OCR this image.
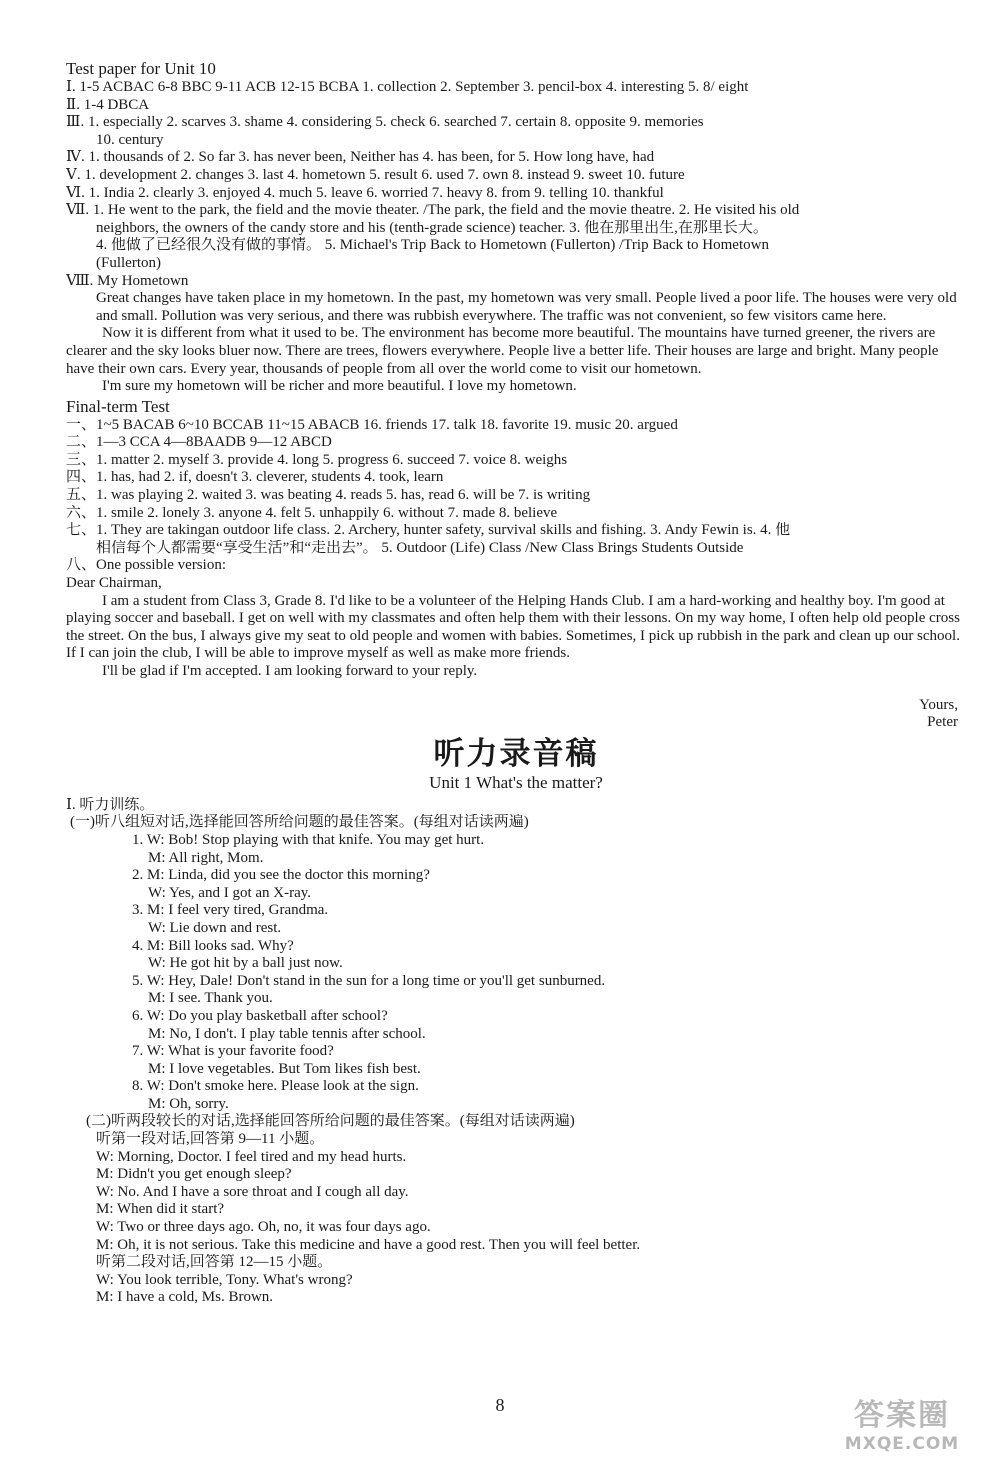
Test paper for Unit 10
Ⅰ. 1-5 ACBAC 6-8 BBC 9-11 ACB 12-15 BCBA 1. collection 2. September 3. pencil-box 4. interesting 5. 8/ eight
Ⅱ. 1-4 DBCA
Ⅲ. 1. especially 2. scarves 3. shame 4. considering 5. check 6. searched 7. certain 8. opposite 9. memories
10. century
Ⅳ. 1. thousands of 2. So far 3. has never been, Neither has 4. has been, for 5. How long have, had
Ⅴ. 1. development 2. changes 3. last 4. hometown 5. result 6. used 7. own 8. instead 9. sweet 10. future
Ⅵ. 1. India 2. clearly 3. enjoyed 4. much 5. leave 6. worried 7. heavy 8. from 9. telling 10. thankful
Ⅶ. 1. He went to the park, the field and the movie theater. /The park, the field and the movie theatre. 2. He visited his old
neighbors, the owners of the candy store and his (tenth-grade science) teacher. 3. 他在那里出生,在那里长大。
4. 他做了已经很久没有做的事情。 5. Michael's Trip Back to Hometown (Fullerton) /Trip Back to Hometown
(Fullerton)
Ⅷ. My Hometown
Great changes have taken place in my hometown. In the past, my hometown was very small. People lived a poor life. The houses were very old and small. Pollution was very serious, and there was rubbish everywhere. The traffic was not convenient, so few visitors came here.
Now it is different from what it used to be. The environment has become more beautiful. The mountains have turned greener, the rivers are clearer and the sky looks bluer now. There are trees, flowers everywhere. People live a better life. Their houses are large and bright. Many people have their own cars. Every year, thousands of people from all over the world come to visit our hometown.
I'm sure my hometown will be richer and more beautiful. I love my hometown.
Final-term Test
一、1~5 BACAB 6~10 BCCAB 11~15 ABACB 16. friends 17. talk 18. favorite 19. music 20. argued
二、1—3 CCA 4—8BAADB 9—12 ABCD
三、1. matter 2. myself 3. provide 4. long 5. progress 6. succeed 7. voice 8. weighs
四、1. has, had 2. if, doesn't 3. cleverer, students 4. took, learn
五、1. was playing 2. waited 3. was beating 4. reads 5. has, read 6. will be 7. is writing
六、1. smile 2. lonely 3. anyone 4. felt 5. unhappily 6. without 7. made 8. believe
七、1. They are takingan outdoor life class. 2. Archery, hunter safety, survival skills and fishing. 3. Andy Fewin is. 4. 他
相信每个人都需要“享受生活”和“走出去”。 5. Outdoor (Life) Class /New Class Brings Students Outside
八、One possible version:
Dear Chairman,
I am a student from Class 3, Grade 8. I'd like to be a volunteer of the Helping Hands Club. I am a hard-working and healthy boy. I'm good at playing soccer and baseball. I get on well with my classmates and often help them with their lessons. On my way home, I often help old people cross the street. On the bus, I always give my seat to old people and women with babies. Sometimes, I pick up rubbish in the park and clean up our school. If I can join the club, I will be able to improve myself as well as make more friends.
I'll be glad if I'm accepted. I am looking forward to your reply.
Yours,
Peter
听力录音稿
Unit 1 What's the matter?
Ⅰ. 听力训练。
(一)听八组短对话,选择能回答所给问题的最佳答案。(每组对话读两遍)
1. W: Bob! Stop playing with that knife. You may get hurt.
M: All right, Mom.
2. M: Linda, did you see the doctor this morning?
W: Yes, and I got an X-ray.
3. M: I feel very tired, Grandma.
W: Lie down and rest.
4. M: Bill looks sad. Why?
W: He got hit by a ball just now.
5. W: Hey, Dale! Don't stand in the sun for a long time or you'll get sunburned.
M: I see. Thank you.
6. W: Do you play basketball after school?
M: No, I don't. I play table tennis after school.
7. W: What is your favorite food?
M: I love vegetables. But Tom likes fish best.
8. W: Don't smoke here. Please look at the sign.
M: Oh, sorry.
(二)听两段较长的对话,选择能回答所给问题的最佳答案。(每组对话读两遍)
听第一段对话,回答第 9—11 小题。
W: Morning, Doctor. I feel tired and my head hurts.
M: Didn't you get enough sleep?
W: No. And I have a sore throat and I cough all day.
M: When did it start?
W: Two or three days ago. Oh, no, it was four days ago.
M: Oh, it is not serious. Take this medicine and have a good rest. Then you will feel better.
听第二段对话,回答第 12—15 小题。
W: You look terrible, Tony. What's wrong?
M: I have a cold, Ms. Brown.
8	答案圈
MXQE.COM
